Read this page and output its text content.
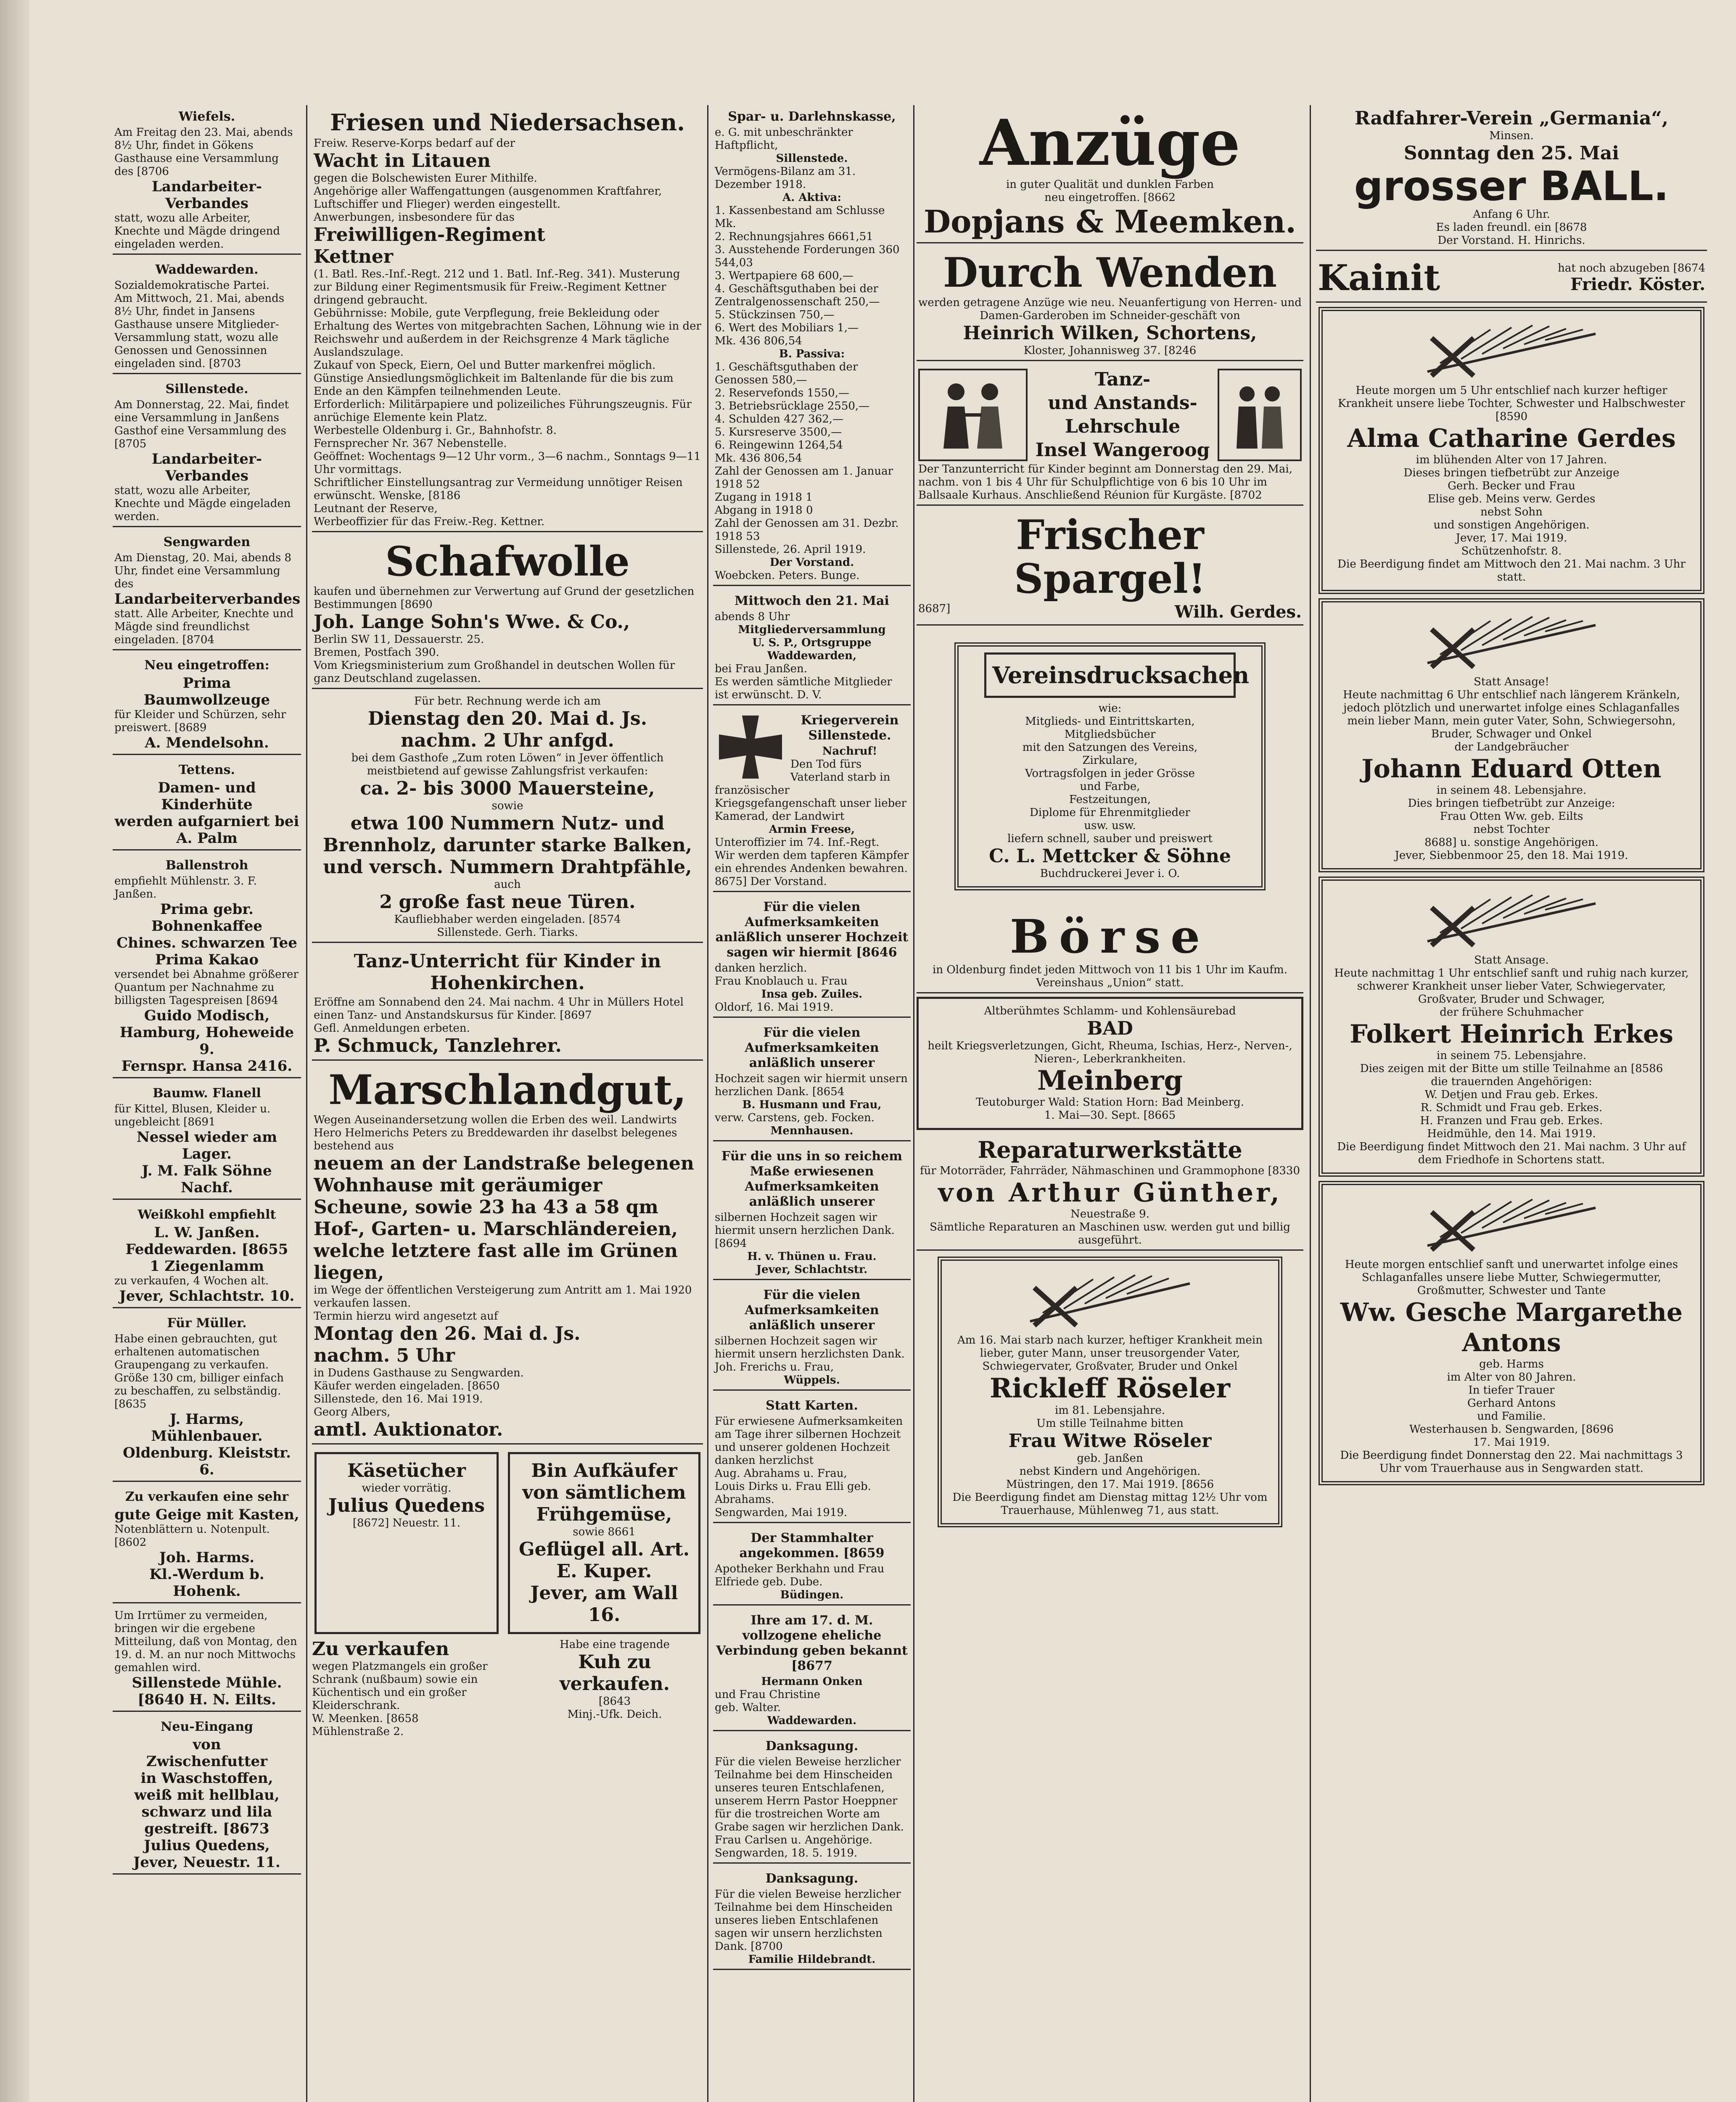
Wiefels.
Am Freitag den 23. Mai, abends 8½ Uhr, findet in Gökens Gasthause eine Versammlung des [8706
Landarbeiter-Verbandes
statt, wozu alle Arbeiter, Knechte und Mägde dringend eingeladen werden.
Waddewarden.
Sozialdemokratische Partei.
Am Mittwoch, 21. Mai, abends 8½ Uhr, findet in Jansens Gasthause unsere Mitglieder-Versammlung statt, wozu alle Genossen und Genossinnen eingeladen sind. [8703
Sillenstede.
Am Donnerstag, 22. Mai, findet eine Versammlung in Janßens Gasthof eine Versammlung des [8705
Landarbeiter-Verbandes
statt, wozu alle Arbeiter, Knechte und Mägde eingeladen werden.
Sengwarden
Am Dienstag, 20. Mai, abends 8 Uhr, findet eine Versammlung des
Landarbeiterverbandes
statt. Alle Arbeiter, Knechte und Mägde sind freundlichst eingeladen. [8704
Neu eingetroffen:
Prima
Baumwollzeuge
für Kleider und Schürzen, sehr preiswert. [8689
A. Mendelsohn.
Tettens.
Damen- und Kinderhüte
werden aufgarniert bei
A. Palm
Ballenstroh
empfiehlt Mühlenstr. 3. F. Janßen.
Prima gebr. Bohnenkaffee
Chines. schwarzen Tee
Prima Kakao
versendet bei Abnahme größerer Quantum per Nachnahme zu billigsten Tagespreisen [8694
Guido Modisch,
Hamburg, Hoheweide 9.
Fernspr. Hansa 2416.
Baumw. Flanell
für Kittel, Blusen, Kleider u. ungebleicht [8691
Nessel wieder am Lager.
J. M. Falk Söhne Nachf.
Weißkohl empfiehlt
L. W. Janßen.
Feddewarden. [8655
1 Ziegenlamm
zu verkaufen, 4 Wochen alt.
Jever, Schlachtstr. 10.
Für Müller.
Habe einen gebrauchten, gut erhaltenen automatischen Graupengang zu verkaufen. Größe 130 cm, billiger einfach zu beschaffen, zu selbständig. [8635
J. Harms, Mühlenbauer.
Oldenburg. Kleiststr. 6.
Zu verkaufen eine sehr
gute Geige mit Kasten,
Notenblättern u. Notenpult. [8602
Joh. Harms.
Kl.-Werdum b. Hohenk.
Um Irrtümer zu vermeiden, bringen wir die ergebene Mitteilung, daß von Montag, den 19. d. M. an nur noch Mittwochs gemahlen wird.
Sillenstede Mühle.
[8640 H. N. Eilts.
Neu-Eingang
von
Zwischenfutter
in Waschstoffen,
weiß mit hellblau,
schwarz und lila
gestreift. [8673
Julius Quedens,
Jever, Neuestr. 11.
Friesen und Niedersachsen.
Freiw. Reserve-Korps bedarf auf der
Wacht in Litauen
gegen die Bolschewisten Eurer Mithilfe.
Angehörige aller Waffengattungen (ausgenommen Kraftfahrer, Luftschiffer und Flieger) werden eingestellt.
Anwerbungen, insbesondere für das
Freiwilligen-Regiment
Kettner
(1. Batl. Res.-Inf.-Regt. 212 und 1. Batl. Inf.-Reg. 341). Musterung zur Bildung einer Regimentsmusik für Freiw.-Regiment Kettner dringend gebraucht.
Gebührnisse: Mobile, gute Verpflegung, freie Bekleidung oder Erhaltung des Wertes von mitgebrachten Sachen, Löhnung wie in der Reichswehr und außerdem in der Reichsgrenze 4 Mark tägliche Auslandszulage.
Zukauf von Speck, Eiern, Oel und Butter markenfrei möglich. Günstige Ansiedlungsmöglichkeit im Baltenlande für die bis zum Ende an den Kämpfen teilnehmenden Leute.
Erforderlich: Militärpapiere und polizeiliches Führungszeugnis. Für anrüchige Elemente kein Platz.
Werbestelle Oldenburg i. Gr., Bahnhofstr. 8.
Fernsprecher Nr. 367 Nebenstelle.
Geöffnet: Wochentags 9—12 Uhr vorm., 3—6 nachm., Sonntags 9—11 Uhr vormittags.
Schriftlicher Einstellungsantrag zur Vermeidung unnötiger Reisen erwünscht. Wenske, [8186
Leutnant der Reserve,
Werbeoffizier für das Freiw.-Reg. Kettner.
Schafwolle
kaufen und übernehmen zur Verwertung auf Grund der gesetzlichen Bestimmungen [8690
Joh. Lange Sohn's Wwe. & Co.,
Berlin SW 11, Dessauerstr. 25.
Bremen, Postfach 390.
Vom Kriegsministerium zum Großhandel in deutschen Wollen für ganz Deutschland zugelassen.
Für betr. Rechnung werde ich am
Dienstag den 20. Mai d. Js.
nachm. 2 Uhr anfgd.
bei dem Gasthofe „Zum roten Löwen“ in Jever öffentlich meistbietend auf gewisse Zahlungsfrist verkaufen:
ca. 2- bis 3000 Mauersteine,
sowie
etwa 100 Nummern Nutz- und Brennholz, darunter starke Balken, und versch. Nummern Drahtpfähle,
auch
2 große fast neue Türen.
Kaufliebhaber werden eingeladen. [8574
Sillenstede. Gerh. Tiarks.
Tanz-Unterricht für Kinder in Hohenkirchen.
Eröffne am Sonnabend den 24. Mai nachm. 4 Uhr in Müllers Hotel einen Tanz- und Anstandskursus für Kinder. [8697
Gefl. Anmeldungen erbeten.
P. Schmuck, Tanzlehrer.
Marschlandgut,
Wegen Auseinandersetzung wollen die Erben des weil. Landwirts Hero Helmerichs Peters zu Breddewarden ihr daselbst belegenes
bestehend aus
neuem an der Landstraße belegenen Wohnhause mit geräumiger Scheune, sowie 23 ha 43 a 58 qm Hof-, Garten- u. Marschländereien, welche letztere fast alle im Grünen liegen,
im Wege der öffentlichen Versteigerung zum Antritt am 1. Mai 1920 verkaufen lassen.
Termin hierzu wird angesetzt auf
Montag den 26. Mai d. Js.
nachm. 5 Uhr
in Dudens Gasthause zu Sengwarden.
Käufer werden eingeladen. [8650
Sillenstede, den 16. Mai 1919.
Georg Albers,
amtl. Auktionator.
Käsetücher
wieder vorrätig.
Julius Quedens
[8672] Neuestr. 11.
Bin Aufkäufer
von sämtlichem
Frühgemüse,
sowie 8661
Geflügel all. Art.
E. Kuper.
Jever, am Wall 16.
Zu verkaufen
wegen Platzmangels ein großer Schrank (nußbaum) sowie ein Küchentisch und ein großer Kleiderschrank.
W. Meenken. [8658
Mühlenstraße 2.
Habe eine tragende
Kuh zu verkaufen.
[8643
Minj.-Ufk. Deich.
Spar- u. Darlehnskasse,
e. G. mit unbeschränkter Haftpflicht,
Sillenstede.
Vermögens-Bilanz am 31. Dezember 1918.
A. Aktiva:
1. Kassenbestand am Schlusse Mk.
2. Rechnungsjahres 6661,51
3. Ausstehende Forderungen 360 544,03
3. Wertpapiere 68 600,—
4. Geschäftsguthaben bei der Zentralgenossenschaft 250,—
5. Stückzinsen 750,—
6. Wert des Mobiliars 1,—
Mk. 436 806,54
B. Passiva:
1. Geschäftsguthaben der Genossen 580,—
2. Reservefonds 1550,—
3. Betriebsrücklage 2550,—
4. Schulden 427 362,—
5. Kursreserve 3500,—
6. Reingewinn 1264,54
Mk. 436 806,54
Zahl der Genossen am 1. Januar 1918 52
Zugang in 1918 1
Abgang in 1918 0
Zahl der Genossen am 31. Dezbr. 1918 53
Sillenstede, 26. April 1919.
Der Vorstand.
Woebcken. Peters. Bunge.
Mittwoch den 21. Mai
abends 8 Uhr
Mitgliederversammlung
U. S. P., Ortsgruppe
Waddewarden,
bei Frau Janßen.
Es werden sämtliche Mitglieder ist erwünscht. D. V.
Kriegerverein Sillenstede.
Nachruf!
Den Tod fürs Vaterland starb in französischer Kriegsgefangenschaft unser lieber Kamerad, der Landwirt
Armin Freese,
Unteroffizier im 74. Inf.-Regt.
Wir werden dem tapferen Kämpfer ein ehrendes Andenken bewahren.
8675] Der Vorstand.
Für die vielen Aufmerksamkeiten anläßlich unserer Hochzeit sagen wir hiermit [8646
danken herzlich.
Frau Knoblauch u. Frau
Insa geb. Zuiles.
Oldorf, 16. Mai 1919.
Für die vielen Aufmerksamkeiten anläßlich unserer
Hochzeit sagen wir hiermit unsern herzlichen Dank. [8654
B. Husmann und Frau,
verw. Carstens, geb. Focken.
Mennhausen.
Für die uns in so reichem Maße erwiesenen Aufmerksamkeiten anläßlich unserer
silbernen Hochzeit sagen wir hiermit unsern herzlichen Dank. [8694
H. v. Thünen u. Frau.
Jever, Schlachtstr.
Für die vielen Aufmerksamkeiten anläßlich unserer
silbernen Hochzeit sagen wir hiermit unsern herzlichsten Dank.
Joh. Frerichs u. Frau,
Wüppels.
Statt Karten.
Für erwiesene Aufmerksamkeiten am Tage ihrer silbernen Hochzeit und unserer goldenen Hochzeit danken herzlichst
Aug. Abrahams u. Frau,
Louis Dirks u. Frau Elli geb. Abrahams.
Sengwarden, Mai 1919.
Der Stammhalter angekommen. [8659
Apotheker Berkhahn und Frau Elfriede geb. Dube.
Büdingen.
Ihre am 17. d. M. vollzogene eheliche Verbindung geben bekannt [8677
Hermann Onken
und Frau Christine
geb. Walter.
Waddewarden.
Danksagung.
Für die vielen Beweise herzlicher Teilnahme bei dem Hinscheiden unseres teuren Entschlafenen, unserem Herrn Pastor Hoeppner für die trostreichen Worte am Grabe sagen wir herzlichen Dank.
Frau Carlsen u. Angehörige.
Sengwarden, 18. 5. 1919.
Danksagung.
Für die vielen Beweise herzlicher Teilnahme bei dem Hinscheiden unseres lieben Entschlafenen sagen wir unsern herzlichsten Dank. [8700
Familie Hildebrandt.
Anzüge
in guter Qualität und dunklen Farben
neu eingetroffen. [8662
Dopjans & Meemken.
Durch Wenden
werden getragene Anzüge wie neu. Neuanfertigung von Herren- und Damen-Garderoben im Schneider-geschäft von
Heinrich Wilken, Schortens,
Kloster, Johannisweg 37. [8246
Tanz-
und Anstands-
Lehrschule
Insel Wangeroog
Der Tanzunterricht für Kinder beginnt am Donnerstag den 29. Mai, nachm. von 1 bis 4 Uhr für Schulpflichtige von 6 bis 10 Uhr im Ballsaale Kurhaus. Anschließend Réunion für Kurgäste. [8702
Frischer Spargel!
8687]	Wilh. Gerdes.
Vereinsdrucksachen
wie:
Mitglieds- und Eintrittskarten,
Mitgliedsbücher
mit den Satzungen des Vereins,
Zirkulare,
Vortragsfolgen in jeder Grösse
und Farbe,
Festzeitungen,
Diplome für Ehrenmitglieder
usw. usw.
liefern schnell, sauber und preiswert
C. L. Mettcker & Söhne
Buchdruckerei Jever i. O.
Börse
in Oldenburg findet jeden Mittwoch von 11 bis 1 Uhr im Kaufm. Vereinshaus „Union“ statt.
Altberühmtes Schlamm- und Kohlensäurebad
BAD
heilt Kriegsverletzungen, Gicht, Rheuma, Ischias, Herz-, Nerven-, Nieren-, Leberkrankheiten.
Meinberg
Teutoburger Wald: Station Horn: Bad Meinberg.
1. Mai—30. Sept. [8665
Reparaturwerkstätte
für Motorräder, Fahrräder, Nähmaschinen und Grammophone [8330
von Arthur Günther,
Neuestraße 9.
Sämtliche Reparaturen an Maschinen usw. werden gut und billig ausgeführt.
Am 16. Mai starb nach kurzer, heftiger Krankheit mein lieber, guter Mann, unser treusorgender Vater, Schwiegervater, Großvater, Bruder und Onkel
Rickleff Röseler
im 81. Lebensjahre.
Um stille Teilnahme bitten
Frau Witwe Röseler
geb. Janßen
nebst Kindern und Angehörigen.
Müstringen, den 17. Mai 1919. [8656
Die Beerdigung findet am Dienstag mittag 12½ Uhr vom Trauerhause, Mühlenweg 71, aus statt.
Radfahrer-Verein „Germania“,
Minsen.
Sonntag den 25. Mai
grosser BALL.
Anfang 6 Uhr.
Es laden freundl. ein [8678
Der Vorstand. H. Hinrichs.
Kainit	hat noch abzugeben [8674
Friedr. Köster.
Heute morgen um 5 Uhr entschlief nach kurzer heftiger Krankheit unsere liebe Tochter, Schwester und Halbschwester [8590
Alma Catharine Gerdes
im blühenden Alter von 17 Jahren.
Dieses bringen tiefbetrübt zur Anzeige
Gerh. Becker und Frau
Elise geb. Meins verw. Gerdes
nebst Sohn
und sonstigen Angehörigen.
Jever, 17. Mai 1919.
Schützenhofstr. 8.
Die Beerdigung findet am Mittwoch den 21. Mai nachm. 3 Uhr statt.
Statt Ansage!
Heute nachmittag 6 Uhr entschlief nach längerem Kränkeln, jedoch plötzlich und unerwartet infolge eines Schlaganfalles mein lieber Mann, mein guter Vater, Sohn, Schwiegersohn, Bruder, Schwager und Onkel
der Landgebräucher
Johann Eduard Otten
in seinem 48. Lebensjahre.
Dies bringen tiefbetrübt zur Anzeige:
Frau Otten Ww. geb. Eilts
nebst Tochter
8688] u. sonstige Angehörigen.
Jever, Siebbenmoor 25, den 18. Mai 1919.
Statt Ansage.
Heute nachmittag 1 Uhr entschlief sanft und ruhig nach kurzer, schwerer Krankheit unser lieber Vater, Schwiegervater, Großvater, Bruder und Schwager,
der frühere Schuhmacher
Folkert Heinrich Erkes
in seinem 75. Lebensjahre.
Dies zeigen mit der Bitte um stille Teilnahme an [8586
die trauernden Angehörigen:
W. Detjen und Frau geb. Erkes.
R. Schmidt und Frau geb. Erkes.
H. Franzen und Frau geb. Erkes.
Heidmühle, den 14. Mai 1919.
Die Beerdigung findet Mittwoch den 21. Mai nachm. 3 Uhr auf dem Friedhofe in Schortens statt.
Heute morgen entschlief sanft und unerwartet infolge eines Schlaganfalles unsere liebe Mutter, Schwiegermutter, Großmutter, Schwester und Tante
Ww. Gesche Margarethe Antons
geb. Harms
im Alter von 80 Jahren.
In tiefer Trauer
Gerhard Antons
und Familie.
Westerhausen b. Sengwarden, [8696
17. Mai 1919.
Die Beerdigung findet Donnerstag den 22. Mai nachmittags 3 Uhr vom Trauerhause aus in Sengwarden statt.
